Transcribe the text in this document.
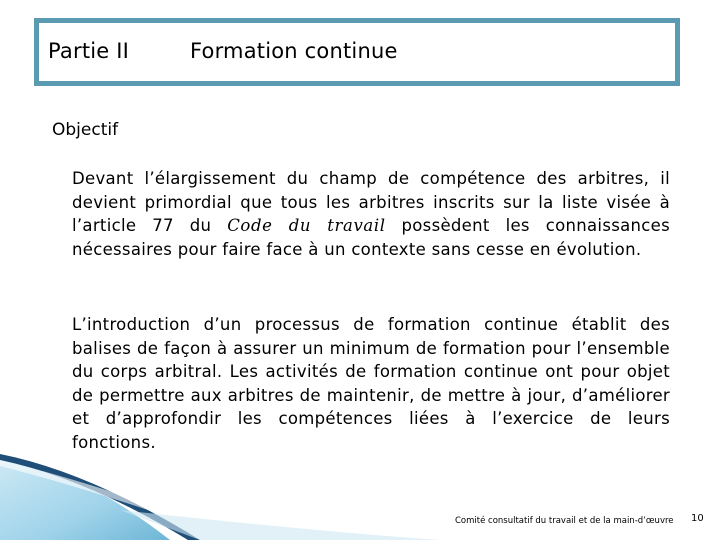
Partie II	Formation continue
Objectif

Devant l’élargissement du champ de compétence des arbitres, il devient primordial que tous les arbitres inscrits sur la liste visée à l’article 77 du Code du travail possèdent les connaissances nécessaires pour faire face à un contexte sans cesse en évolution.

L’introduction d’un processus de formation continue établit des balises de façon à assurer un minimum de formation pour l’ensemble du corps arbitral. Les activités de formation continue ont pour objet de permettre aux arbitres de maintenir, de mettre à jour, d’améliorer et d’approfondir les compétences liées à l’exercice de leurs fonctions.

Comité consultatif du travail et de la main-d’œuvre 10
